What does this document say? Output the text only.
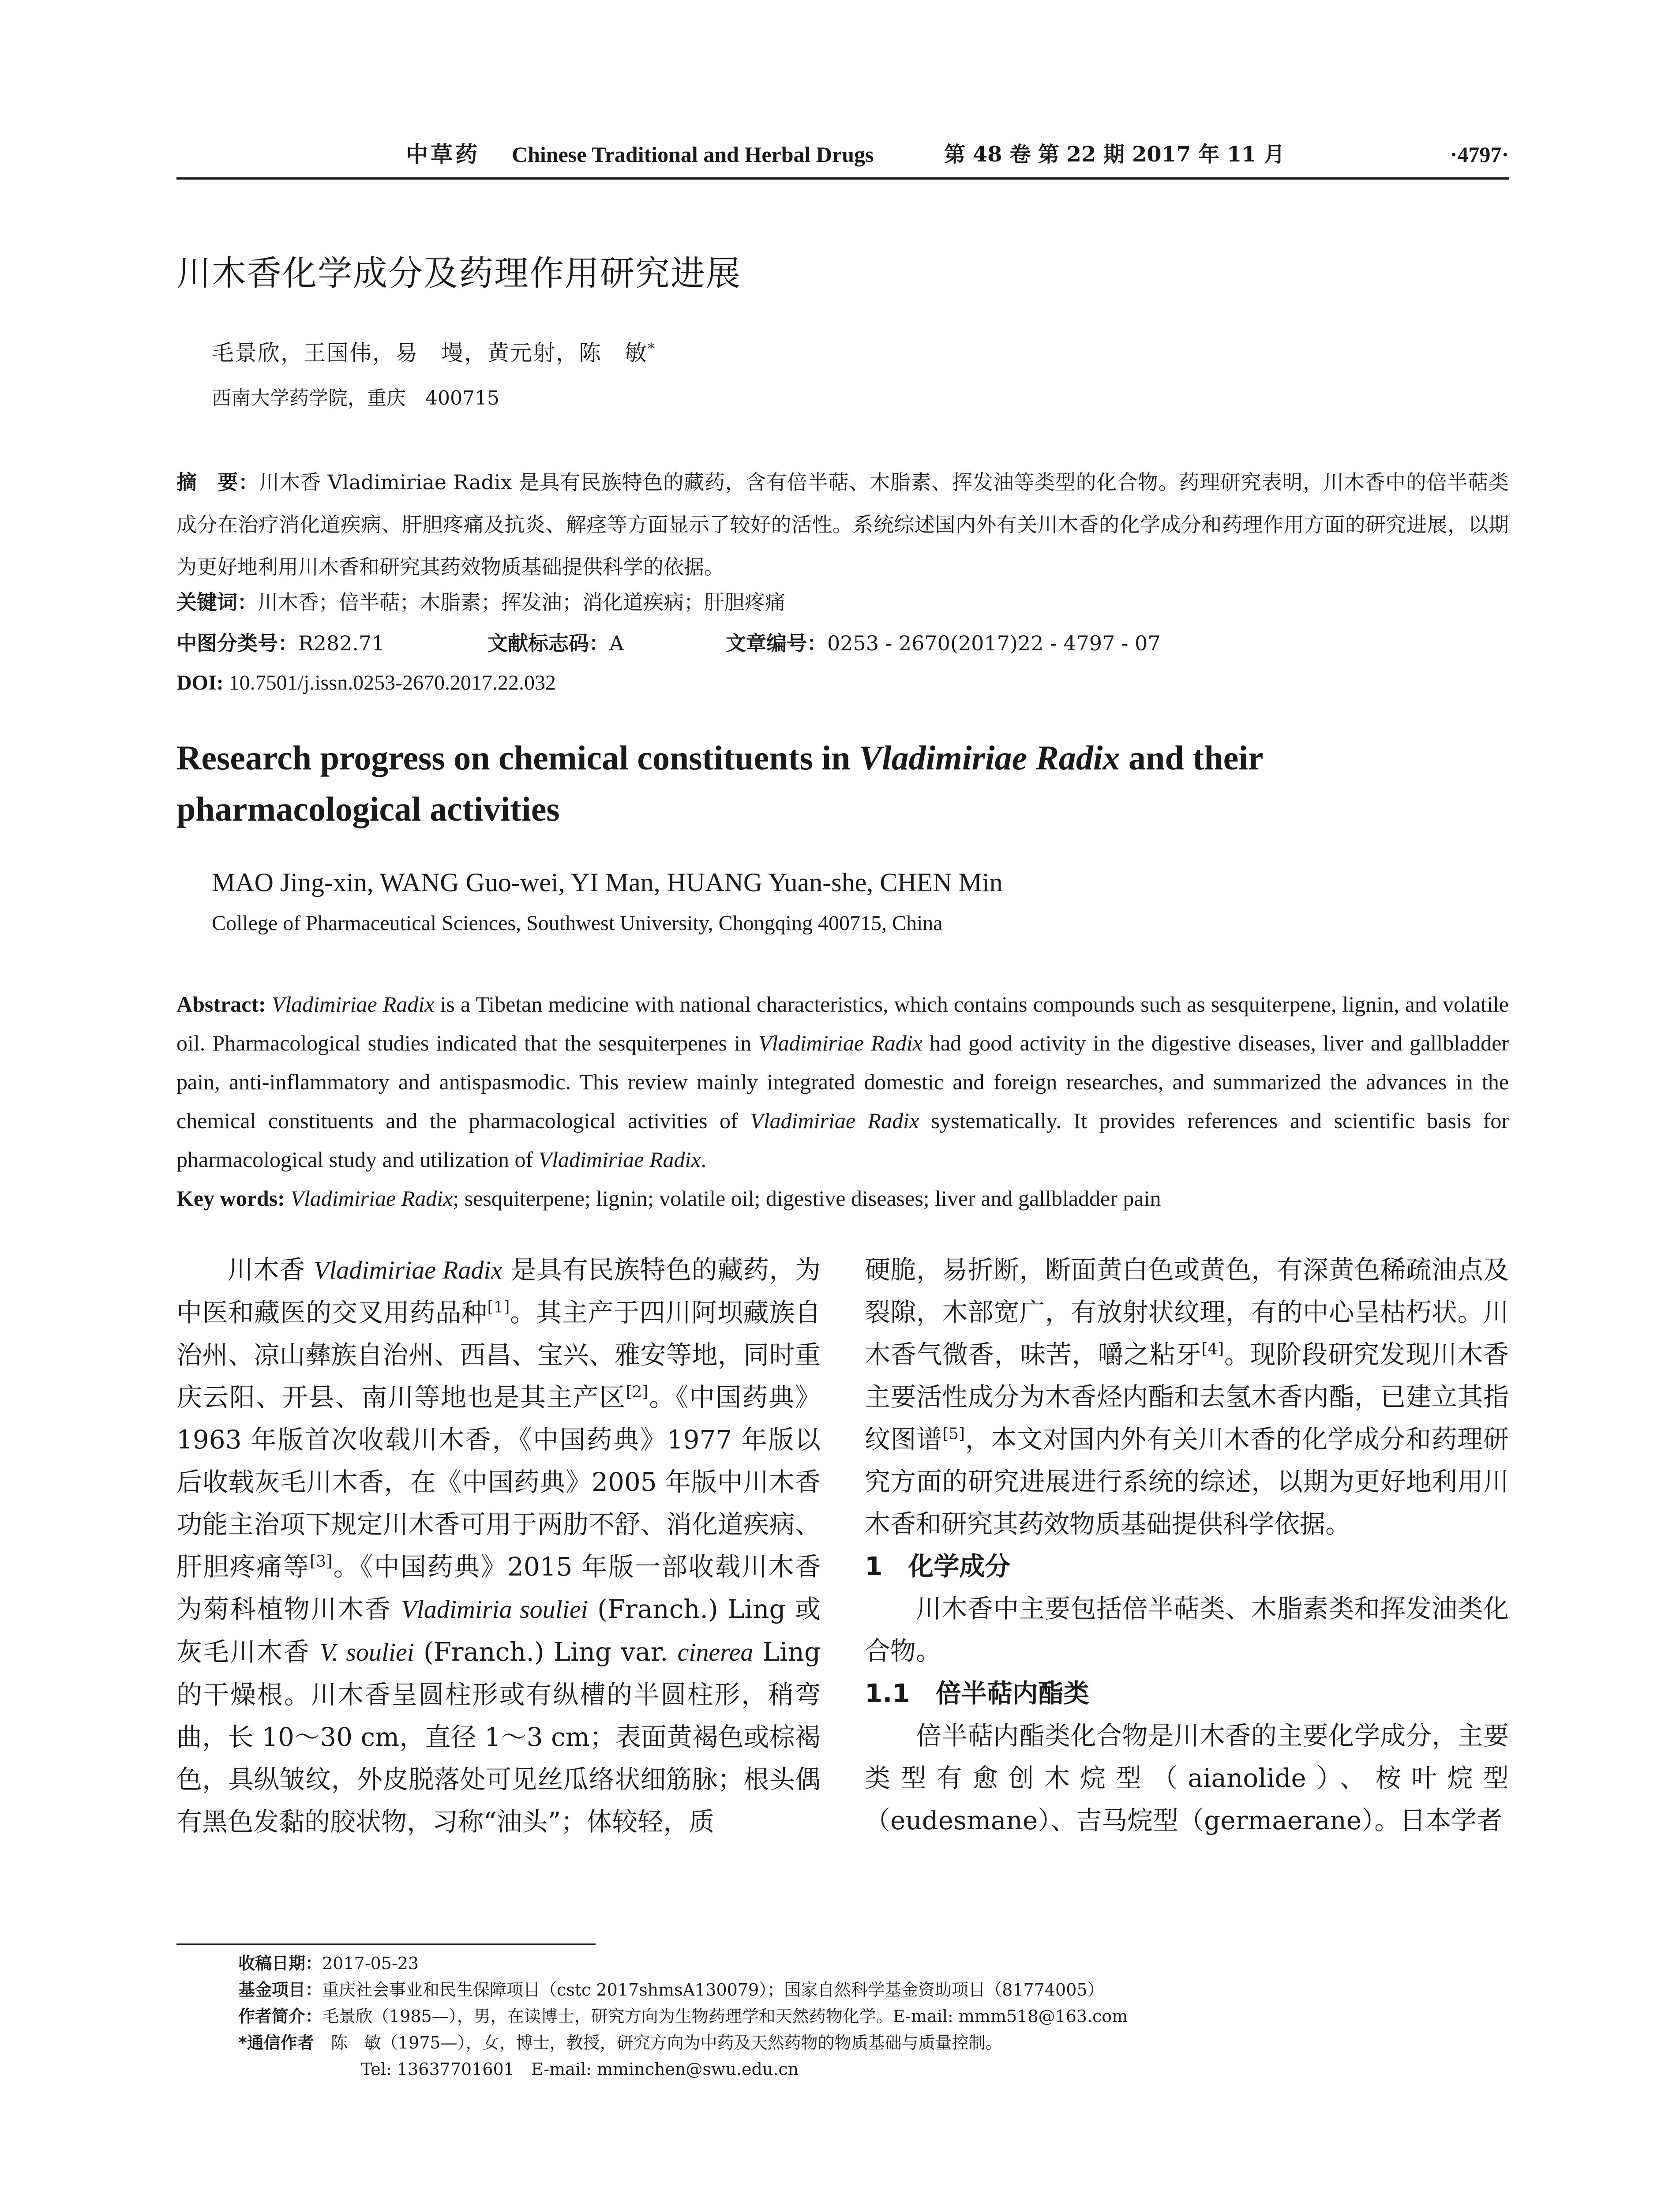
中草药 Chinese Traditional and Herbal Drugs	第 48 卷 第 22 期 2017 年 11 月	·4797·
川木香化学成分及药理作用研究进展
毛景欣，王国伟，易　墁，黄元射，陈　敏*
西南大学药学院，重庆　400715
摘　要：川木香 Vladimiriae Radix 是具有民族特色的藏药，含有倍半萜、木脂素、挥发油等类型的化合物。药理研究表明，川木香中的倍半萜类成分在治疗消化道疾病、肝胆疼痛及抗炎、解痉等方面显示了较好的活性。系统综述国内外有关川木香的化学成分和药理作用方面的研究进展，以期为更好地利用川木香和研究其药效物质基础提供科学的依据。
关键词：川木香；倍半萜；木脂素；挥发油；消化道疾病；肝胆疼痛
中图分类号：R282.71	文献标志码：A	文章编号：0253 - 2670(2017)22 - 4797 - 07
DOI: 10.7501/j.issn.0253-2670.2017.22.032
Research progress on chemical constituents in Vladimiriae Radix and their pharmacological activities
MAO Jing-xin, WANG Guo-wei, YI Man, HUANG Yuan-she, CHEN Min
College of Pharmaceutical Sciences, Southwest University, Chongqing 400715, China
Abstract: Vladimiriae Radix is a Tibetan medicine with national characteristics, which contains compounds such as sesquiterpene, lignin, and volatile oil. Pharmacological studies indicated that the sesquiterpenes in Vladimiriae Radix had good activity in the digestive diseases, liver and gallbladder pain, anti-inflammatory and antispasmodic. This review mainly integrated domestic and foreign researches, and summarized the advances in the chemical constituents and the pharmacological activities of Vladimiriae Radix systematically. It provides references and scientific basis for pharmacological study and utilization of Vladimiriae Radix.
Key words: Vladimiriae Radix; sesquiterpene; lignin; volatile oil; digestive diseases; liver and gallbladder pain

川木香 Vladimiriae Radix 是具有民族特色的藏药，为中医和藏医的交叉用药品种[1]。其主产于四川阿坝藏族自治州、凉山彝族自治州、西昌、宝兴、雅安等地，同时重庆云阳、开县、南川等地也是其主产区[2]。《中国药典》1963 年版首次收载川木香，《中国药典》1977 年版以后收载灰毛川木香，在《中国药典》2005 年版中川木香功能主治项下规定川木香可用于两肋不舒、消化道疾病、肝胆疼痛等[3]。《中国药典》2015 年版一部收载川木香为菊科植物川木香 Vladimiria souliei (Franch.) Ling 或灰毛川木香 V. souliei (Franch.) Ling var. cinerea Ling 的干燥根。川木香呈圆柱形或有纵槽的半圆柱形，稍弯曲，长 10～30 cm，直径 1～3 cm；表面黄褐色或棕褐色，具纵皱纹，外皮脱落处可见丝瓜络状细筋脉；根头偶有黑色发黏的胶状物，习称“油头”；体较轻，质

硬脆，易折断，断面黄白色或黄色，有深黄色稀疏油点及裂隙，木部宽广，有放射状纹理，有的中心呈枯朽状。川木香气微香，味苦，嚼之粘牙[4]。现阶段研究发现川木香主要活性成分为木香烃内酯和去氢木香内酯，已建立其指纹图谱[5]，本文对国内外有关川木香的化学成分和药理研究方面的研究进展进行系统的综述，以期为更好地利用川木香和研究其药效物质基础提供科学依据。

1　化学成分

川木香中主要包括倍半萜类、木脂素类和挥发油类化合物。

1.1　倍半萜内酯类

倍半萜内酯类化合物是川木香的主要化学成分，主要类型有愈创木烷型（aianolide）、桉叶烷型（eudesmane）、吉马烷型（germaerane）。日本学者

收稿日期：2017-05-23
基金项目：重庆社会事业和民生保障项目（cstc 2017shmsA130079）；国家自然科学基金资助项目（81774005）
作者简介：毛景欣（1985—），男，在读博士，研究方向为生物药理学和天然药物化学。E-mail: mmm518@163.com
*通信作者　 陈　敏（1975—），女，博士，教授，研究方向为中药及天然药物的物质基础与质量控制。
Tel: 13637701601　E-mail: mminchen@swu.edu.cn
